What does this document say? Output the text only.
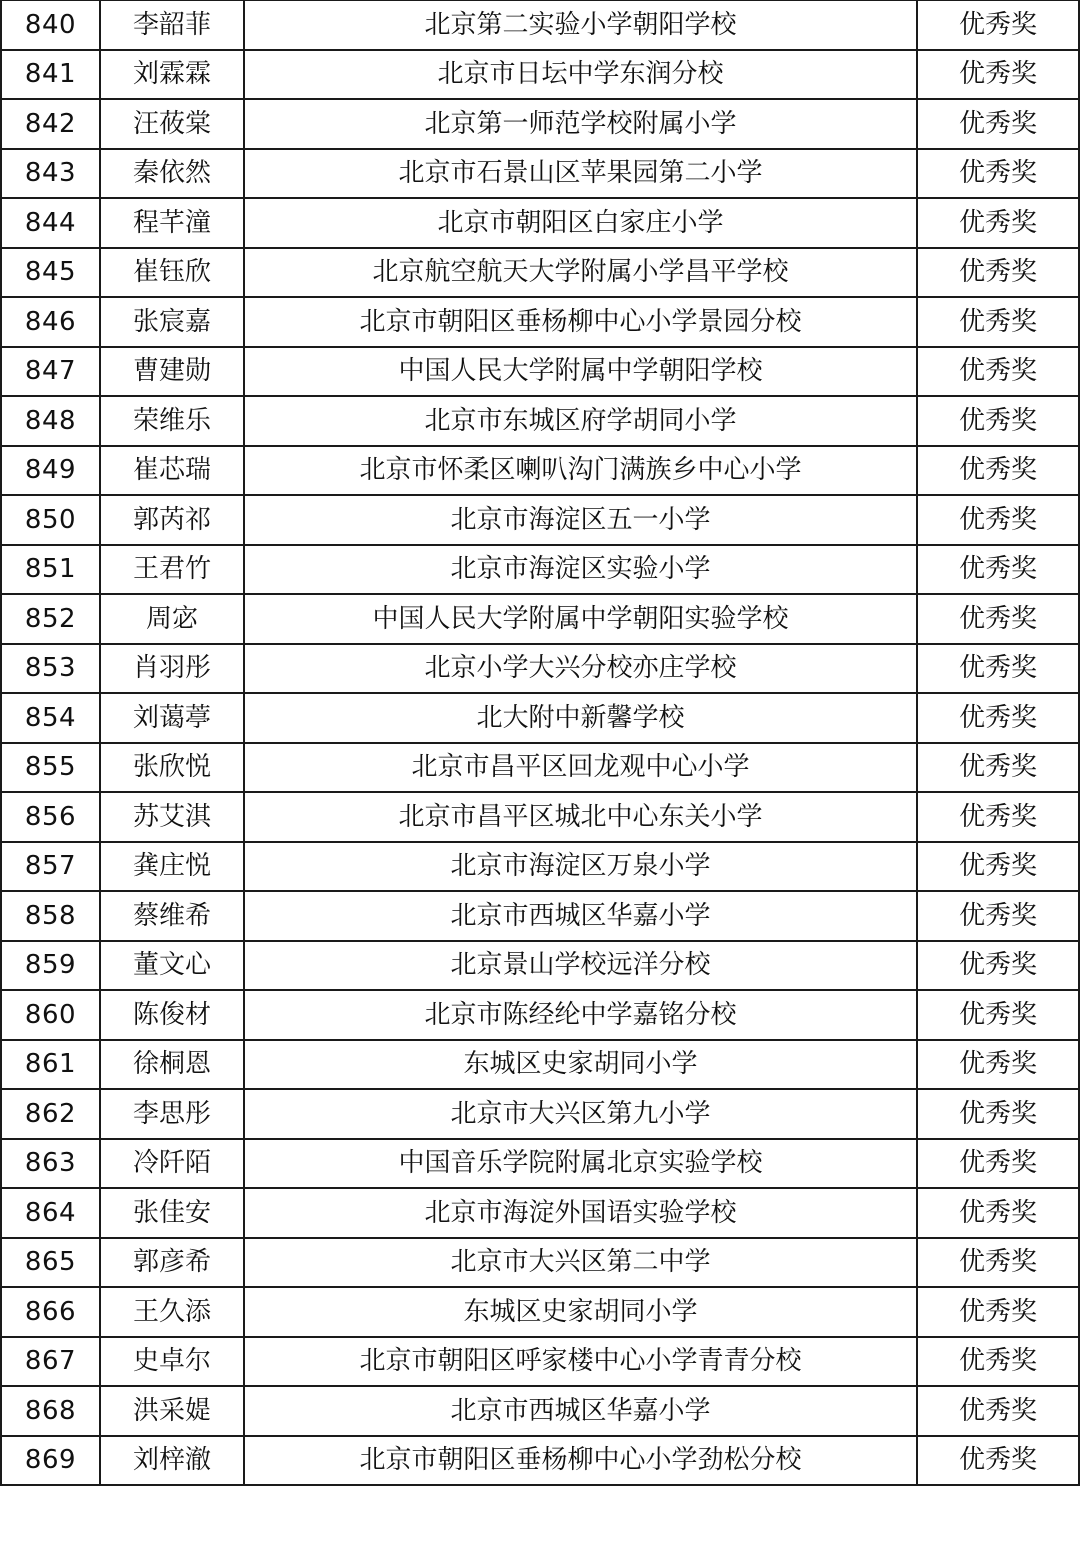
840	李韶菲	北京第二实验小学朝阳学校	优秀奖
841	刘霖霖	北京市日坛中学东润分校	优秀奖
842	汪莜棠	北京第一师范学校附属小学	优秀奖
843	秦依然	北京市石景山区苹果园第二小学	优秀奖
844	程芊潼	北京市朝阳区白家庄小学	优秀奖
845	崔钰欣	北京航空航天大学附属小学昌平学校	优秀奖
846	张宸嘉	北京市朝阳区垂杨柳中心小学景园分校	优秀奖
847	曹建勋	中国人民大学附属中学朝阳学校	优秀奖
848	荣维乐	北京市东城区府学胡同小学	优秀奖
849	崔芯瑞	北京市怀柔区喇叭沟门满族乡中心小学	优秀奖
850	郭芮祁	北京市海淀区五一小学	优秀奖
851	王君竹	北京市海淀区实验小学	优秀奖
852	周宓	中国人民大学附属中学朝阳实验学校	优秀奖
853	肖羽彤	北京小学大兴分校亦庄学校	优秀奖
854	刘蔼葶	北大附中新馨学校	优秀奖
855	张欣悦	北京市昌平区回龙观中心小学	优秀奖
856	苏艾淇	北京市昌平区城北中心东关小学	优秀奖
857	龚庄悦	北京市海淀区万泉小学	优秀奖
858	蔡维希	北京市西城区华嘉小学	优秀奖
859	董文心	北京景山学校远洋分校	优秀奖
860	陈俊材	北京市陈经纶中学嘉铭分校	优秀奖
861	徐桐恩	东城区史家胡同小学	优秀奖
862	李思彤	北京市大兴区第九小学	优秀奖
863	冷阡陌	中国音乐学院附属北京实验学校	优秀奖
864	张佳安	北京市海淀外国语实验学校	优秀奖
865	郭彦希	北京市大兴区第二中学	优秀奖
866	王久添	东城区史家胡同小学	优秀奖
867	史卓尔	北京市朝阳区呼家楼中心小学青青分校	优秀奖
868	洪采媞	北京市西城区华嘉小学	优秀奖
869	刘梓澈	北京市朝阳区垂杨柳中心小学劲松分校	优秀奖
